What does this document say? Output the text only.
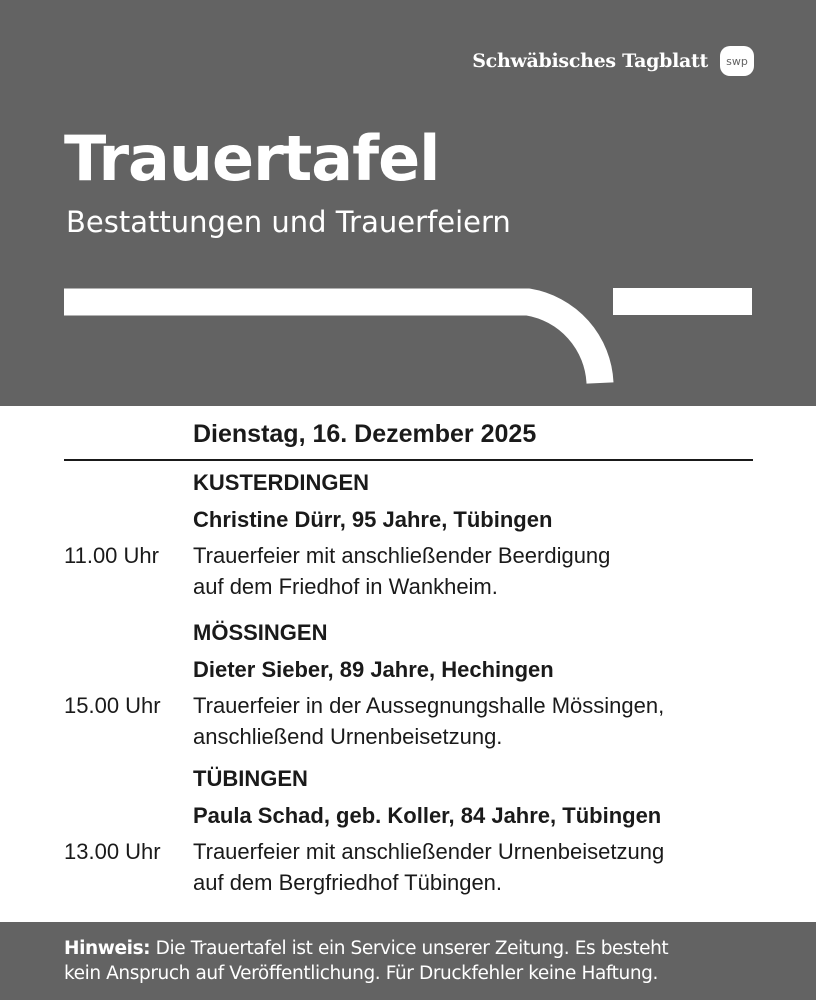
Schwäbisches Tagblatt	swp
Trauertafel
Bestattungen und Trauerfeiern
Dienstag, 16. Dezember 2025
KUSTERDINGEN
Christine Dürr, 95 Jahre, Tübingen
11.00 Uhr Trauerfeier mit anschließender Beerdigung
auf dem Friedhof in Wankheim.
MÖSSINGEN
Dieter Sieber, 89 Jahre, Hechingen
15.00 Uhr Trauerfeier in der Aussegnungshalle Mössingen,
anschließend Urnenbeisetzung.
TÜBINGEN
Paula Schad, geb. Koller, 84 Jahre, Tübingen
13.00 Uhr Trauerfeier mit anschließender Urnenbeisetzung
auf dem Bergfriedhof Tübingen.
Hinweis: Die Trauertafel ist ein Service unserer Zeitung. Es besteht
kein Anspruch auf Veröffentlichung. Für Druckfehler keine Haftung.
